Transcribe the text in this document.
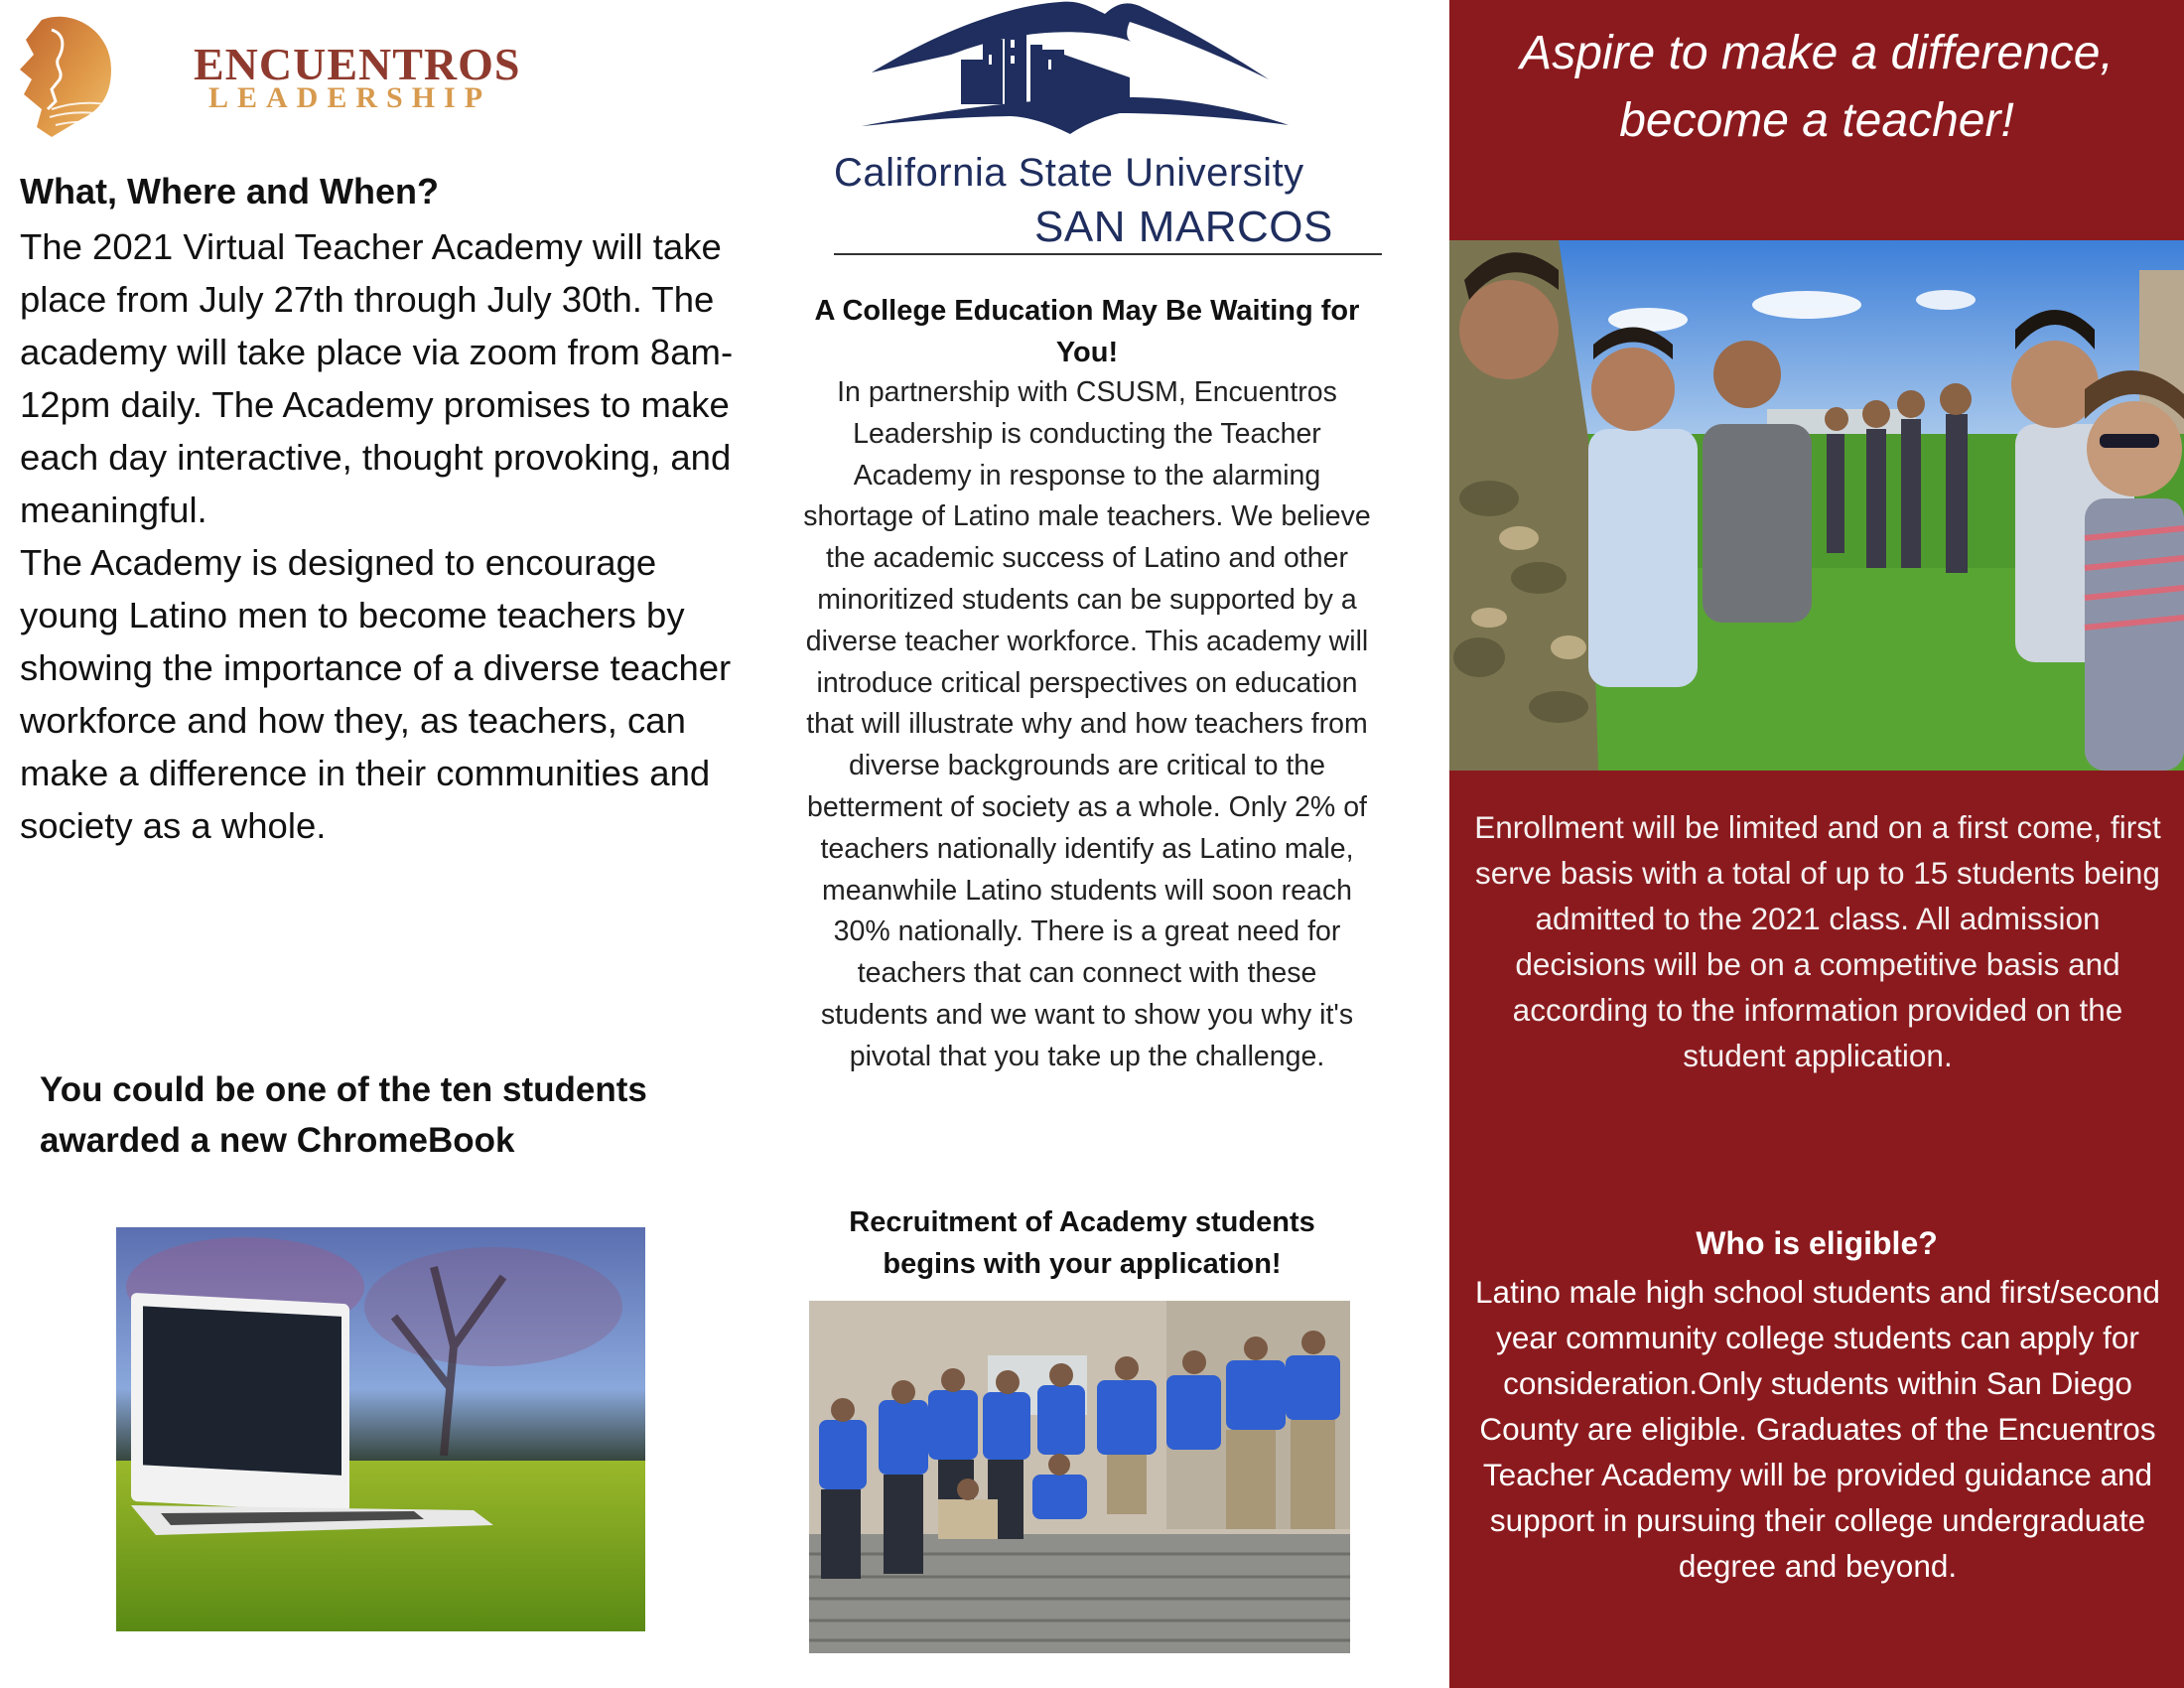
ENCUENTROS
LEADERSHIP
What, Where and When?

The 2021 Virtual Teacher Academy will take place from July 27th through July 30th. The academy will take place via zoom from 8am-12pm daily. The Academy promises to make each day interactive, thought provoking, and meaningful.

The Academy is designed to encourage young Latino men to become teachers by showing the importance of a diverse teacher workforce and how they, as teachers, can make a difference in their communities and society as a whole.

You could be one of the ten students awarded a new ChromeBook
California State University
SAN MARCOS
A College Education May Be Waiting for You!
In partnership with CSUSM, Encuentros Leadership is conducting the Teacher Academy in response to the alarming shortage of Latino male teachers. We believe the academic success of Latino and other minoritized students can be supported by a diverse teacher workforce. This academy will introduce critical perspectives on education that will illustrate why and how teachers from diverse backgrounds are critical to the betterment of society as a whole. Only 2% of teachers nationally identify as Latino male, meanwhile Latino students will soon reach 30% nationally. There is a great need for teachers that can connect with these students and we want to show you why it's pivotal that you take up the challenge.
Recruitment of Academy students begins with your application!
Aspire to make a difference, become a teacher!
Enrollment will be limited and on a first come, first serve basis with a total of up to 15 students being admitted to the 2021 class. All admission decisions will be on a competitive basis and according to the information provided on the student application.
Who is eligible?
Latino male high school students and first/second year community college students can apply for consideration.Only students within San Diego County are eligible. Graduates of the Encuentros Teacher Academy will be provided guidance and support in pursuing their college undergraduate degree and beyond.
